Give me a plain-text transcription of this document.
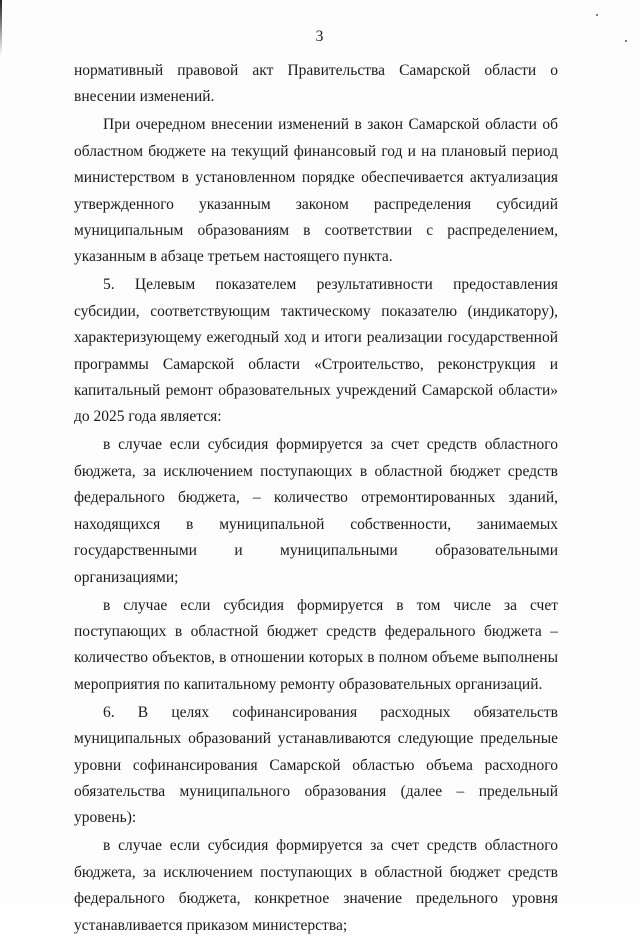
3

нормативный правовой акт Правительства Самарской области о внесении изменений.

При очередном внесении изменений в закон Самарской области об областном бюджете на текущий финансовый год и на плановый период министерством в установленном порядке обеспечивается актуализация утвержденного указанным законом распределения субсидий муниципальным образованиям в соответствии с распределением, указанным в абзаце третьем настоящего пункта.

5. Целевым показателем результативности предоставления субсидии, соответствующим тактическому показателю (индикатору), характеризующему ежегодный ход и итоги реализации государственной программы Самарской области «Строительство, реконструкция и капитальный ремонт образовательных учреждений Самарской области» до 2025 года является:

в случае если субсидия формируется за счет средств областного бюджета, за исключением поступающих в областной бюджет средств федерального бюджета, – количество отремонтированных зданий, находящихся в муниципальной собственности, занимаемых государственными и муниципальными образовательными организациями;

в случае если субсидия формируется в том числе за счет поступающих в областной бюджет средств федерального бюджета – количество объектов, в отношении которых в полном объеме выполнены мероприятия по капитальному ремонту образовательных организаций.

6. В целях софинансирования расходных обязательств муниципальных образований устанавливаются следующие предельные уровни софинансирования Самарской областью объема расходного обязательства муниципального образования (далее – предельный уровень):

в случае если субсидия формируется за счет средств областного бюджета, за исключением поступающих в областной бюджет средств федерального бюджета, конкретное значение предельного уровня устанавливается приказом министерства;
